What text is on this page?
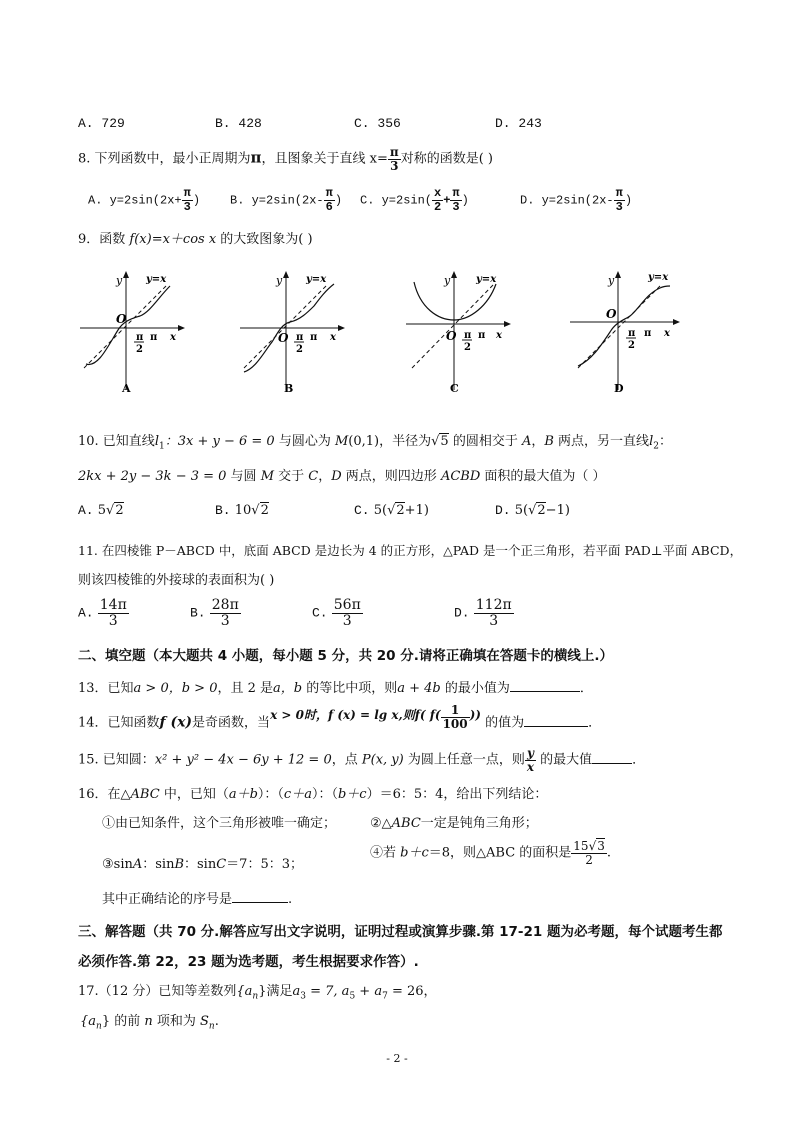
A. 729	B. 428	C. 356	D. 243
8. 下列函数中，最小正周期为π，且图象关于直线 $x= \frac{\pi}{3}$ 对称的函数是( )
A. $y=2\sin(2x+ \frac{\pi}{3}$ ) B. $y=2\sin(2x- \frac{\pi}{6}$ ) C. $y=2\sin( \frac{x}{2} + \frac{\pi}{3}$ )	D. $y=2\sin(2x- \frac{\pi}{3}$ )
9．函数 f(x)=x＋cos x 的大致图象为( )
y y=x
O
π
2
π x
A
y y=x
O π
2
π x
B
y	y=x
O π
2
π x
C
y	y=x
O
π
2
π x
D
10. 已知直线$l_1$：3x + y − 6 = 0 与圆心为 M(0,1)，半径为√5 的圆相交于 A，B 两点，另一直线$l_2$：
2kx + 2y − 3k − 3 = 0 与圆 M 交于 C，D 两点，则四边形 ACBD 面积的最大值为（ ）
A. 5√2	B. 10√2	C. 5(√2+1)	D. 5(√2−1)
11. 在四棱锥 P－ABCD 中，底面 ABCD 是边长为 4 的正方形，△PAD 是一个正三角形，若平面 PAD⊥平面 ABCD，
则该四棱锥的外接球的表面积为( )
A. $\frac{14\pi}{3}$	B. $\frac{28\pi}{3}$	C. $\frac{56\pi}{3}$	D. $\frac{112\pi}{3}$
二、填空题（本大题共 4 小题，每小题 5 分，共 20 分.请将正确填在答题卡的横线上.）
13．已知a > 0，b > 0，且 2 是a，b 的等比中项，则a + 4b 的最小值为	．
14．已知函数f (x)是奇函数，当x > 0时，f (x) = lg x,则f( $f( \frac{1}{100}$ )) 的值为	．
15. 已知圆：x² + y² − 4x − 6y + 12 = 0，点 P(x, y) 为圆上任意一点，则 $\frac{y}{x}$ 的最大值	．
16．在△ABC 中，已知（a＋b）：（c＋a）：（b＋c）＝6：5：4，给出下列结论：
①由已知条件，这个三角形被唯一确定；	②△ABC一定是钝角三角形；
③sinA：sinB：sinC＝7：5：3；
④若 b＋c＝8，则△ABC 的面积是 $\frac{15√3}{2}$ .
其中正确结论的序号是	.
三、解答题（共 70 分.解答应写出文字说明，证明过程或演算步骤.第 17-21 题为必考题，每个试题考生都
必须作答.第 22，23 题为选考题，考生根据要求作答）.
17.（12 分）已知等差数列$\{a_n\}$满足$a_3 = 7$, $a_5 + a_7 = 26$，
$\{a_n\}$ 的前 n 项和为 $S_n$.
- 2 -
